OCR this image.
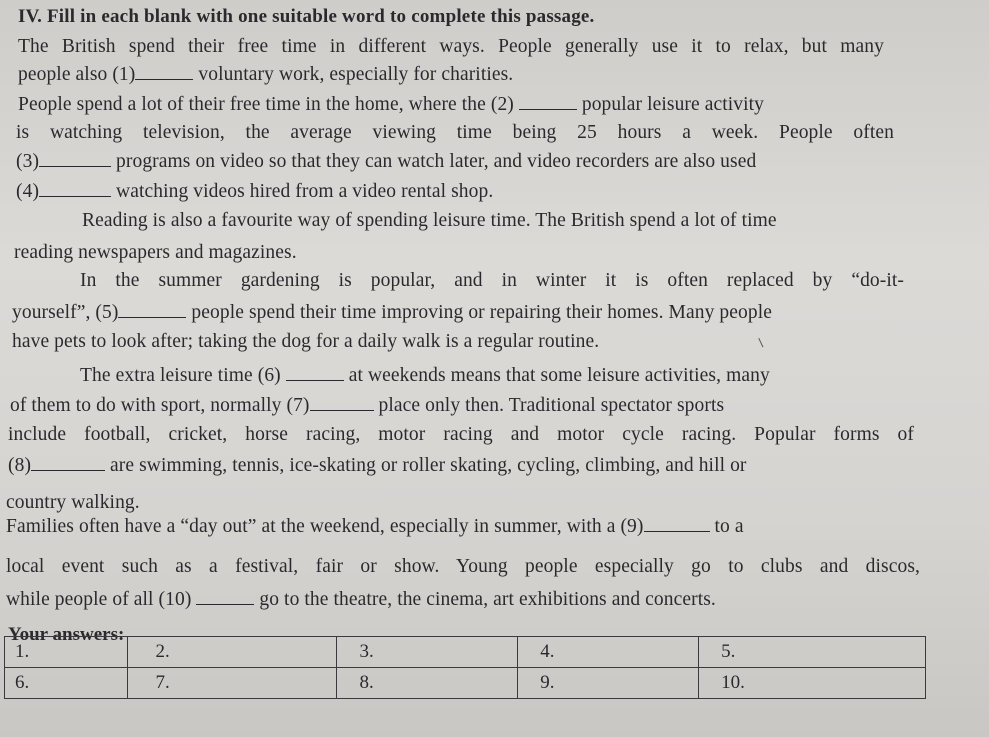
IV. Fill in each blank with one suitable word to complete this passage.
The British spend their free time in different ways. People generally use it to relax, but many
people also (1)	voluntary work, especially for charities.
People spend a lot of their free time in the home, where the (2)	popular leisure activity
is watching television, the average viewing time being 25 hours a week. People often
(3)	programs on video so that they can watch later, and video recorders are also used
(4)	watching videos hired from a video rental shop.
Reading is also a favourite way of spending leisure time. The British spend a lot of time
reading newspapers and magazines.
In the summer gardening is popular, and in winter it is often replaced by “do-it-
yourself”, (5)	people spend their time improving or repairing their homes. Many people
have pets to look after; taking the dog for a daily walk is a regular routine.
The extra leisure time (6)	at weekends means that some leisure activities, many
of them to do with sport, normally (7)	place only then. Traditional spectator sports
include football, cricket, horse racing, motor racing and motor cycle racing. Popular forms of
(8)	are swimming, tennis, ice-skating or roller skating, cycling, climbing, and hill or
country walking.
Families often have a “day out” at the weekend, especially in summer, with a (9)	to a
local event such as a festival, fair or show. Young people especially go to clubs and discos,
while people of all (10)	go to the theatre, the cinema, art exhibitions and concerts.
Your answers:
1.	2.	3.	4.	5.
6.	7.	8.	9.	10.
